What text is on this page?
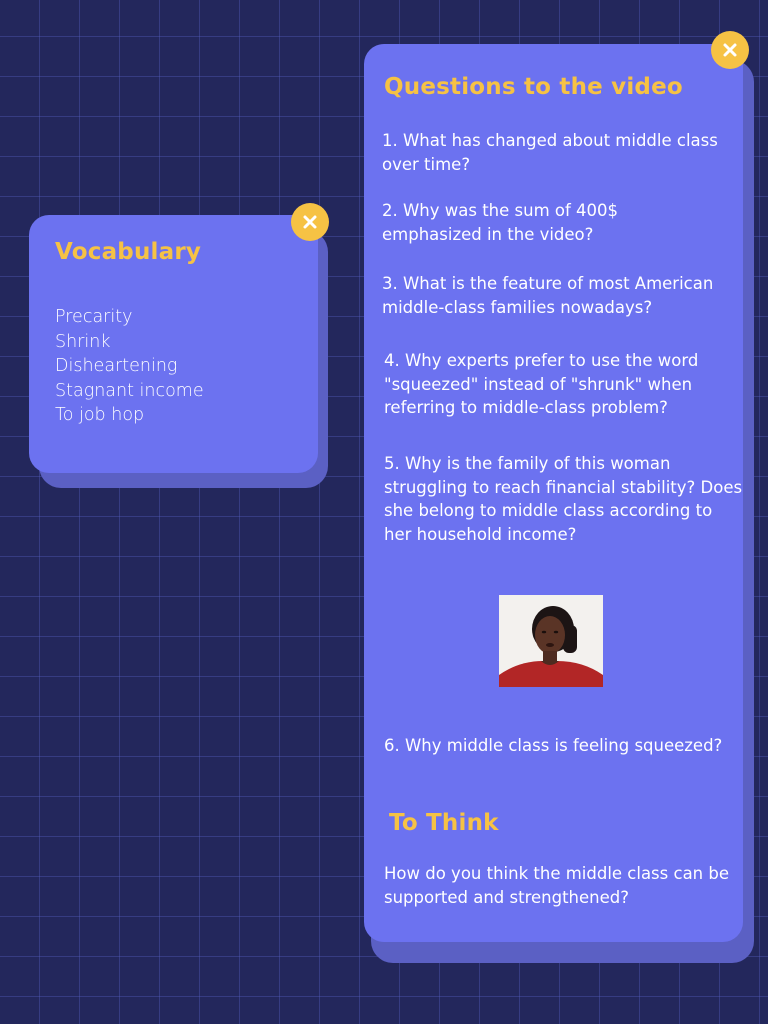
Vocabulary
Precarity
Shrink
Disheartening
Stagnant income
To job hop
Questions to the video

1. What has changed about middle class  over time?

2. Why was the sum of 400$ emphasized in the video?

3. What is the feature of most American middle-class families nowadays?

4. Why experts prefer to use the word "squeezed" instead of "shrunk" when referring to middle-class problem?

5. Why is the family of this woman struggling to reach financial stability? Does she belong to middle class according to her household income?

6. Why middle class is feeling squeezed?

To Think

How do you think the middle class can be supported and strengthened?
